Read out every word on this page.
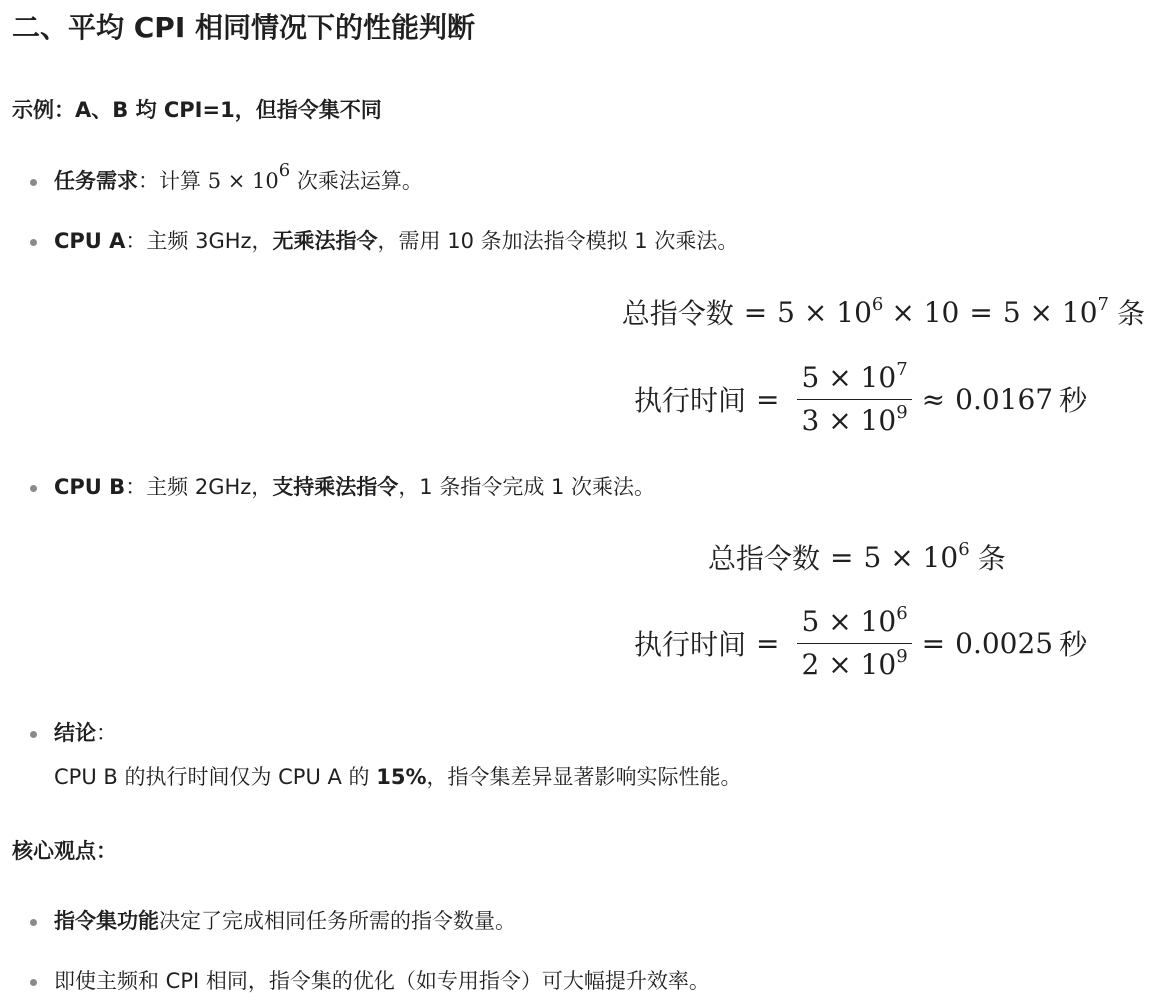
二、平均 CPI 相同情况下的性能判断
示例：A、B 均 CPI=1，但指令集不同
任务需求：计算 $5 \times 10^6$ 次乘法运算。
CPU A：主频 3GHz，无乘法指令，需用 10 条加法指令模拟 1 次乘法。
总指令数 = $5 \times 10^6 \times 10 = 5 \times 10^7$ 条
执行时间 = $\frac{5 \times 10^7}{3 \times 10^9} \approx 0.0167$ 秒
CPU B：主频 2GHz，支持乘法指令，1 条指令完成 1 次乘法。
总指令数 = $5 \times 10^6$ 条
执行时间 = $\frac{5 \times 10^6}{2 \times 10^9} = 0.0025$ 秒
结论：
CPU B 的执行时间仅为 CPU A 的 15%，指令集差异显著影响实际性能。
核心观点：
指令集功能决定了完成相同任务所需的指令数量。
即使主频和 CPI 相同，指令集的优化（如专用指令）可大幅提升效率。
